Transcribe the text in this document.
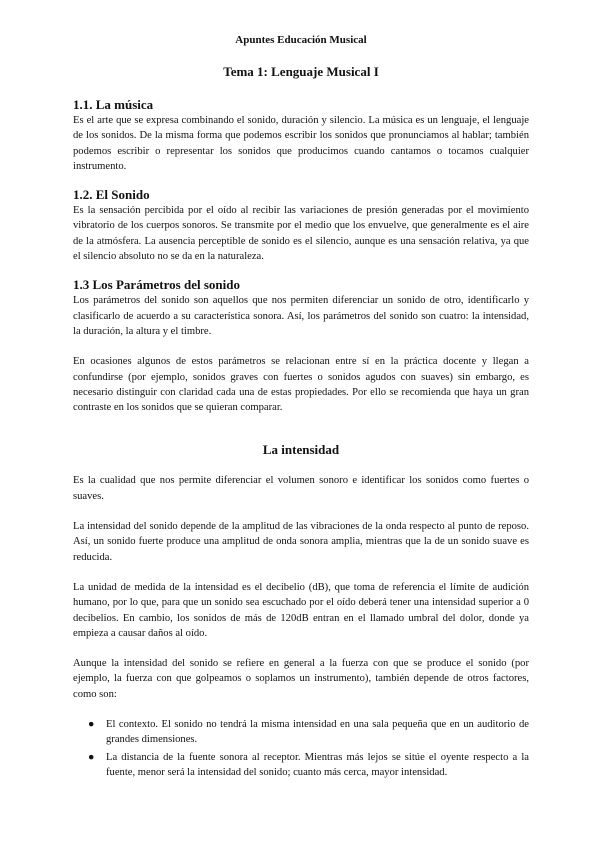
Apuntes Educación Musical
Tema 1: Lenguaje Musical I
1.1. La música

Es el arte que se expresa combinando el sonido, duración y silencio. La música es un lenguaje, el lenguaje de los sonidos. De la misma forma que podemos escribir los sonidos que pronunciamos al hablar; también podemos escribir o representar los sonidos que producimos cuando cantamos o tocamos cualquier instrumento.

1.2. El Sonido

Es la sensación percibida por el oído al recibir las variaciones de presión generadas por el movimiento vibratorio de los cuerpos sonoros. Se transmite por el medio que los envuelve, que generalmente es el aire de la atmósfera. La ausencia perceptible de sonido es el silencio, aunque es una sensación relativa, ya que el silencio absoluto no se da en la naturaleza.

1.3 Los Parámetros del sonido

Los parámetros del sonido son aquellos que nos permiten diferenciar un sonido de otro, identificarlo y clasificarlo de acuerdo a su característica sonora. Así, los parámetros del sonido son cuatro: la intensidad, la duración, la altura y el timbre.

En ocasiones algunos de estos parámetros se relacionan entre sí en la práctica docente y llegan a confundirse (por ejemplo, sonidos graves con fuertes o sonidos agudos con suaves) sin embargo, es necesario distinguir con claridad cada una de estas propiedades. Por ello se recomienda que haya un gran contraste en los sonidos que se quieran comparar.

La intensidad

Es la cualidad que nos permite diferenciar el volumen sonoro e identificar los sonidos como fuertes o suaves.

La intensidad del sonido depende de la amplitud de las vibraciones de la onda respecto al punto de reposo. Así, un sonido fuerte produce una amplitud de onda sonora amplia, mientras que la de un sonido suave es reducida.

La unidad de medida de la intensidad es el decibelio (dB), que toma de referencia el límite de audición humano, por lo que, para que un sonido sea escuchado por el oído deberá tener una intensidad superior a 0 decibelios. En cambio, los sonidos de más de 120dB entran en el llamado umbral del dolor, donde ya empieza a causar daños al oído.

Aunque la intensidad del sonido se refiere en general a la fuerza con que se produce el sonido (por ejemplo, la fuerza con que golpeamos o soplamos un instrumento), también depende de otros factores, como son:

● El contexto. El sonido no tendrá la misma intensidad en una sala pequeña que en un auditorio de grandes dimensiones.
● La distancia de la fuente sonora al receptor. Mientras más lejos se sitúe el oyente respecto a la fuente, menor será la intensidad del sonido; cuanto más cerca, mayor intensidad.
